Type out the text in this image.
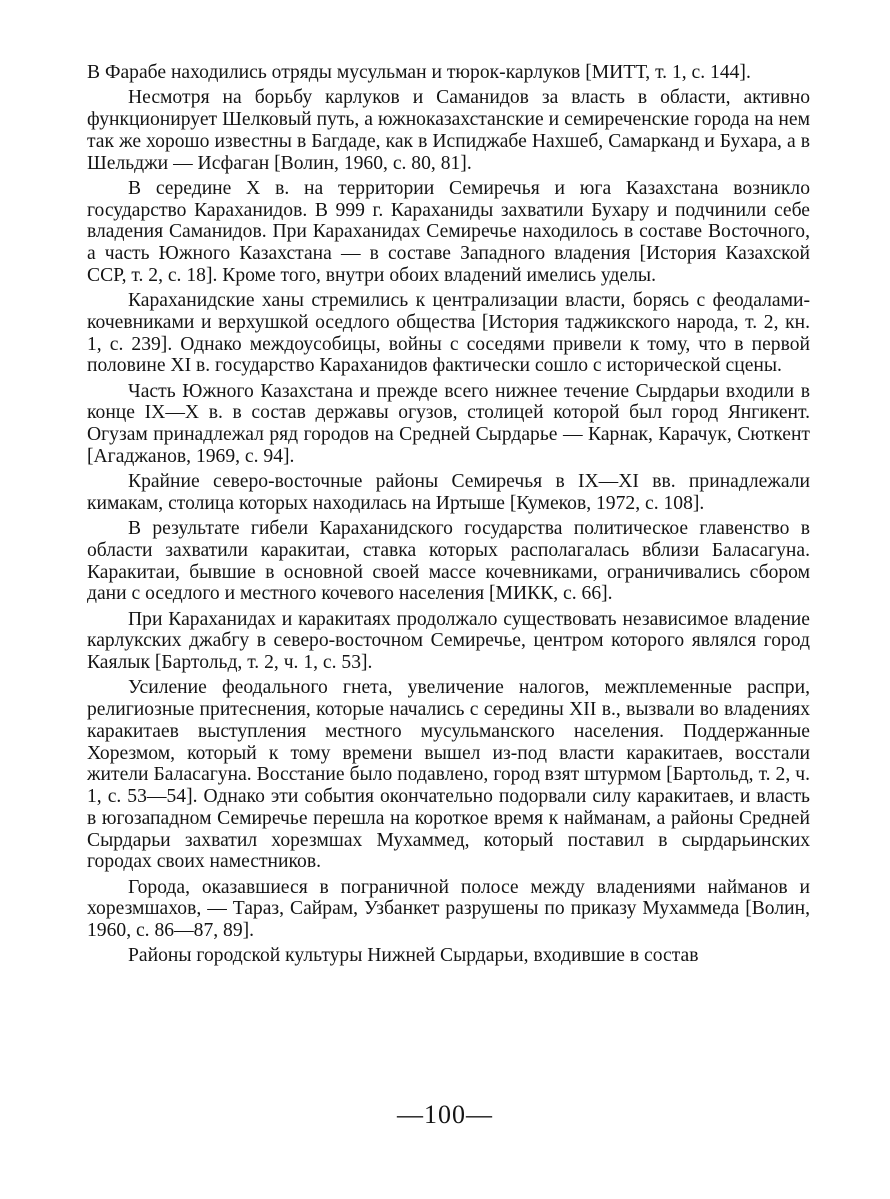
В Фарабе находились отряды мусульман и тюрок-карлуков [МИТТ, т. 1, с. 144].

Несмотря на борьбу карлуков и Саманидов за власть в области, активно функционирует Шелковый путь, а южноказахстанские и семиреченские города на нем так же хорошо известны в Багдаде, как в Испиджабе Нахшеб, Самарканд и Бухара, а в Шельджи — Исфаган [Волин, 1960, с. 80, 81].

В середине X в. на территории Семиречья и юга Казахстана возникло государство Караханидов. В 999 г. Караханиды захватили Бухару и подчинили себе владения Саманидов. При Караханидах Семиречье находилось в составе Восточного, а часть Южного Казахстана — в составе Западного владения [История Казахской ССР, т. 2, с. 18]. Кроме того, внутри обоих владений имелись уделы.

Караханидские ханы стремились к централизации власти, борясь с феодалами-кочевниками и верхушкой оседлого общества [История таджикского народа, т. 2, кн. 1, с. 239]. Однако междоусобицы, войны с соседями привели к тому, что в первой половине XI в. государство Караханидов фактически сошло с исторической сцены.

Часть Южного Казахстана и прежде всего нижнее течение Сырдарьи входили в конце IX—X в. в состав державы огузов, столицей которой был город Янгикент. Огузам принадлежал ряд городов на Средней Сырдарье — Карнак, Карачук, Сюткент [Агаджанов, 1969, с. 94].

Крайние северо-восточные районы Семиречья в IX—XI вв. принадлежали кимакам, столица которых находилась на Иртыше [Кумеков, 1972, с. 108].

В результате гибели Караханидского государства политическое главенство в области захватили каракитаи, ставка которых располагалась вблизи Баласагуна. Каракитаи, бывшие в основной своей массе кочевниками, ограничивались сбором дани с оседлого и местного кочевого населения [МИКК, с. 66].

При Караханидах и каракитаях продолжало существовать независимое владение карлукских джабгу в северо-восточном Семиречье, центром которого являлся город Каялык [Бартольд, т. 2, ч. 1, с. 53].

Усиление феодального гнета, увеличение налогов, межплеменные распри, религиозные притеснения, которые начались с середины XII в., вызвали во владениях каракитаев выступления местного мусульманского населения. Поддержанные Хорезмом, который к тому времени вышел из-под власти каракитаев, восстали жители Баласагуна. Восстание было подавлено, город взят штурмом [Бартольд, т. 2, ч. 1, с. 53—54]. Однако эти события окончательно подорвали силу каракитаев, и власть в югозападном Семиречье перешла на короткое время к найманам, а районы Средней Сырдарьи захватил хорезмшах Мухаммед, который поставил в сырдарьинских городах своих наместников.

Города, оказавшиеся в пограничной полосе между владениями найманов и хорезмшахов, — Тараз, Сайрам, Узбанкет разрушены по приказу Мухаммеда [Волин, 1960, с. 86—87, 89].

Районы городской культуры Нижней Сырдарьи, входившие в состав

—100—
